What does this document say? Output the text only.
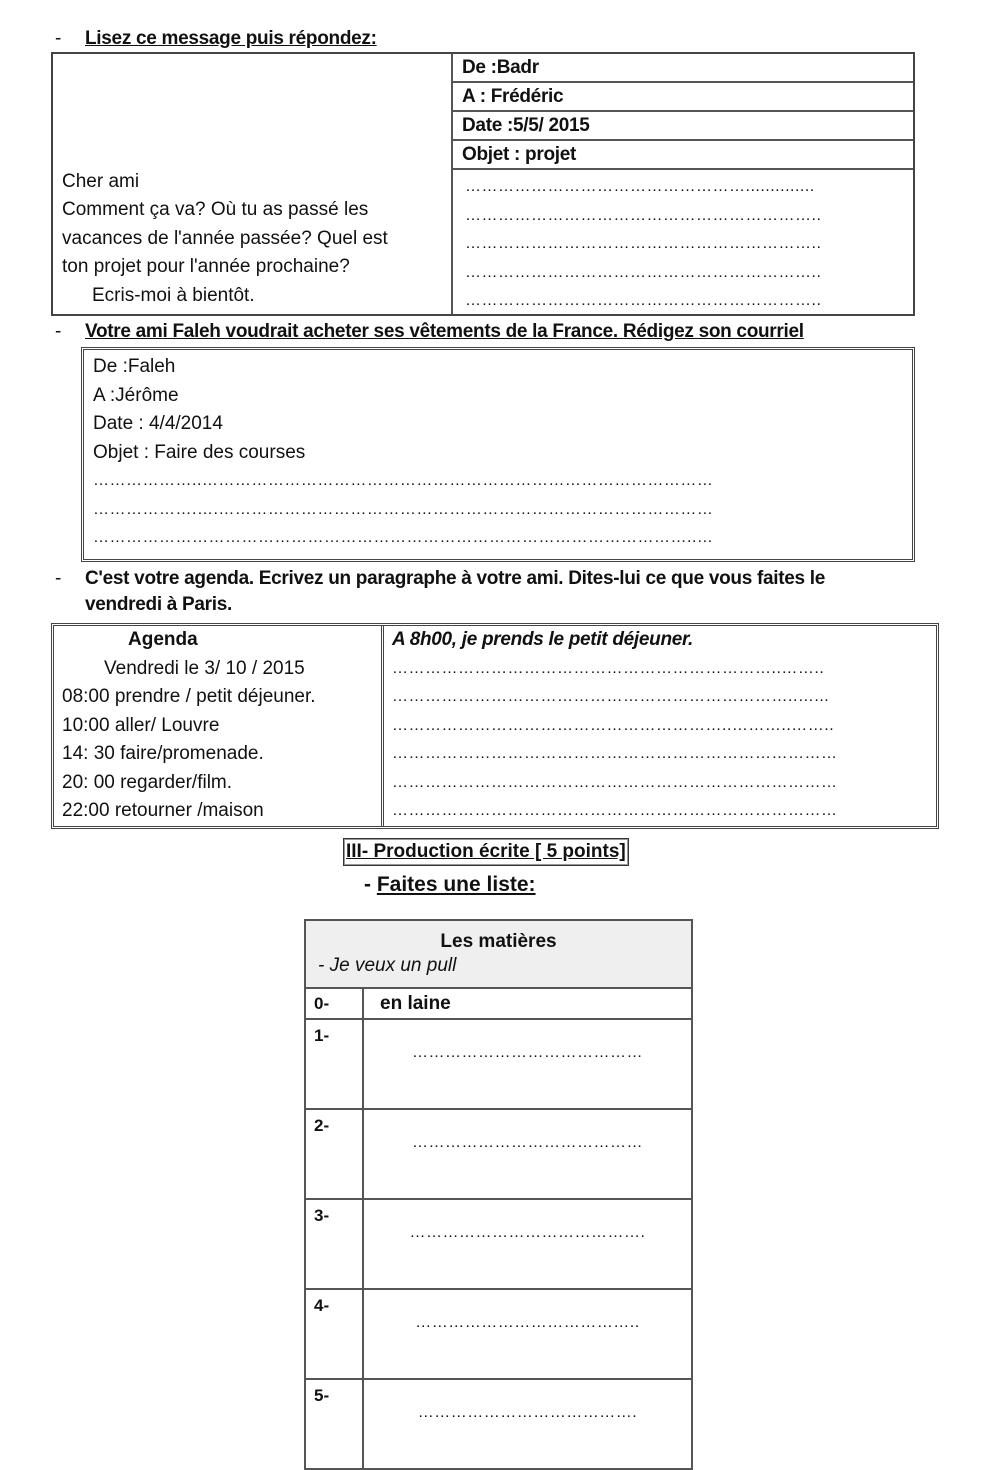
- Lisez ce message puis répondez:
Cher ami
Comment ça va? Où tu as passé les
vacances de l'année passée? Quel est
ton projet pour l'année prochaine?
Ecris-moi à bientôt.
De :Badr
A : Frédéric
Date :5/5/ 2015
Objet : projet
……………………………………………..............
………………………………………………………..
………………………………………………………..
………………………………………………………..
………………………………………………………..
- Votre ami Faleh voudrait acheter ses vêtements de la France. Rédigez son courriel
De :Faleh
A :Jérôme
Date : 4/4/2014
Objet : Faire des courses
………………..…………………………………………………………………………………
……………….….………………………………………………………………………………
………………………………………………………………………………………………..…
- C'est votre agenda. Ecrivez un paragraphe à votre ami. Dites-lui ce que vous faites le
vendredi à Paris.
Agenda
Vendredi le 3/ 10 / 2015
08:00 prendre / petit déjeuner.
10:00 aller/ Louvre
14: 30 faire/promenade.
20: 00 regarder/film.
22:00 retourner /maison
A 8h00, je prends le petit déjeuner.
……………………………………………………………..……..
………………………………………………………………..…...
……………………………………………………..………..……..
………………………………………………………………………
………………………………………………………………………
………………………………………………………………………
III- Production écrite [ 5 points]
- Faites une liste:
Les matières
- Je veux un pull	

0-	en laine
1-	……………………………………
2-	……………………………………
3-	…………………………………….
4-	…………………………………..
5-	………………………………….
